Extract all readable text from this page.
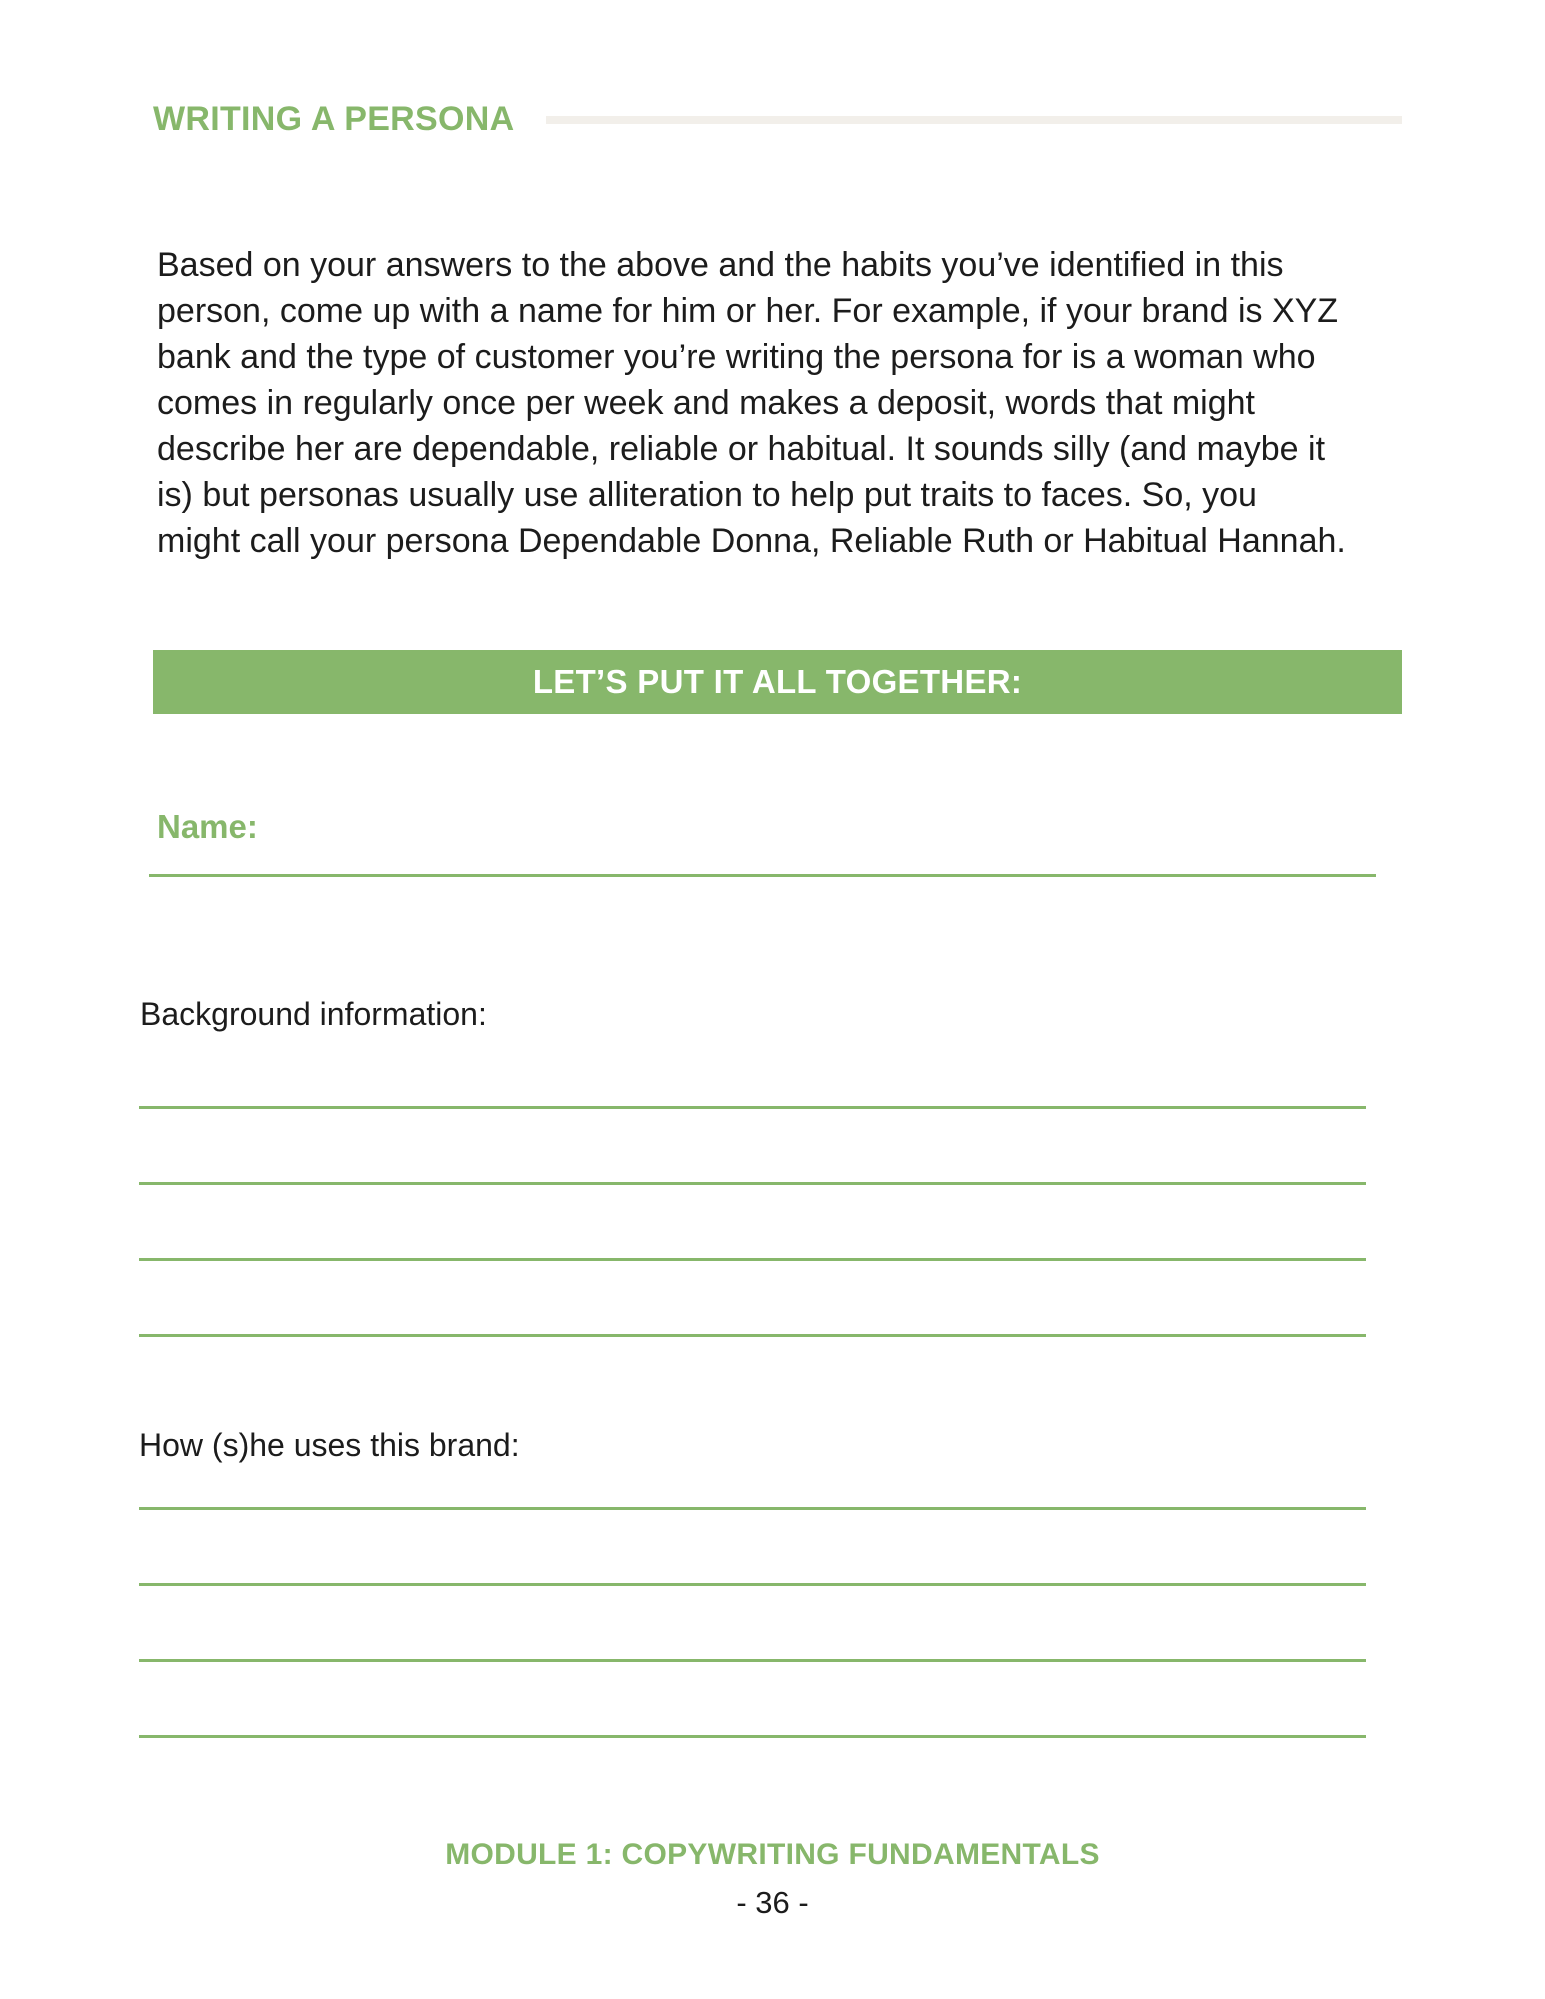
WRITING A PERSONA
Based on your answers to the above and the habits you’ve identified in this
person, come up with a name for him or her. For example, if your brand is XYZ
bank and the type of customer you’re writing the persona for is a woman who
comes in regularly once per week and makes a deposit, words that might
describe her are dependable, reliable or habitual. It sounds silly (and maybe it
is) but personas usually use alliteration to help put traits to faces. So, you
might call your persona Dependable Donna, Reliable Ruth or Habitual Hannah.
LET’S PUT IT ALL TOGETHER:
Name:
Background information:
How (s)he uses this brand:
MODULE 1: COPYWRITING FUNDAMENTALS
- 36 -
